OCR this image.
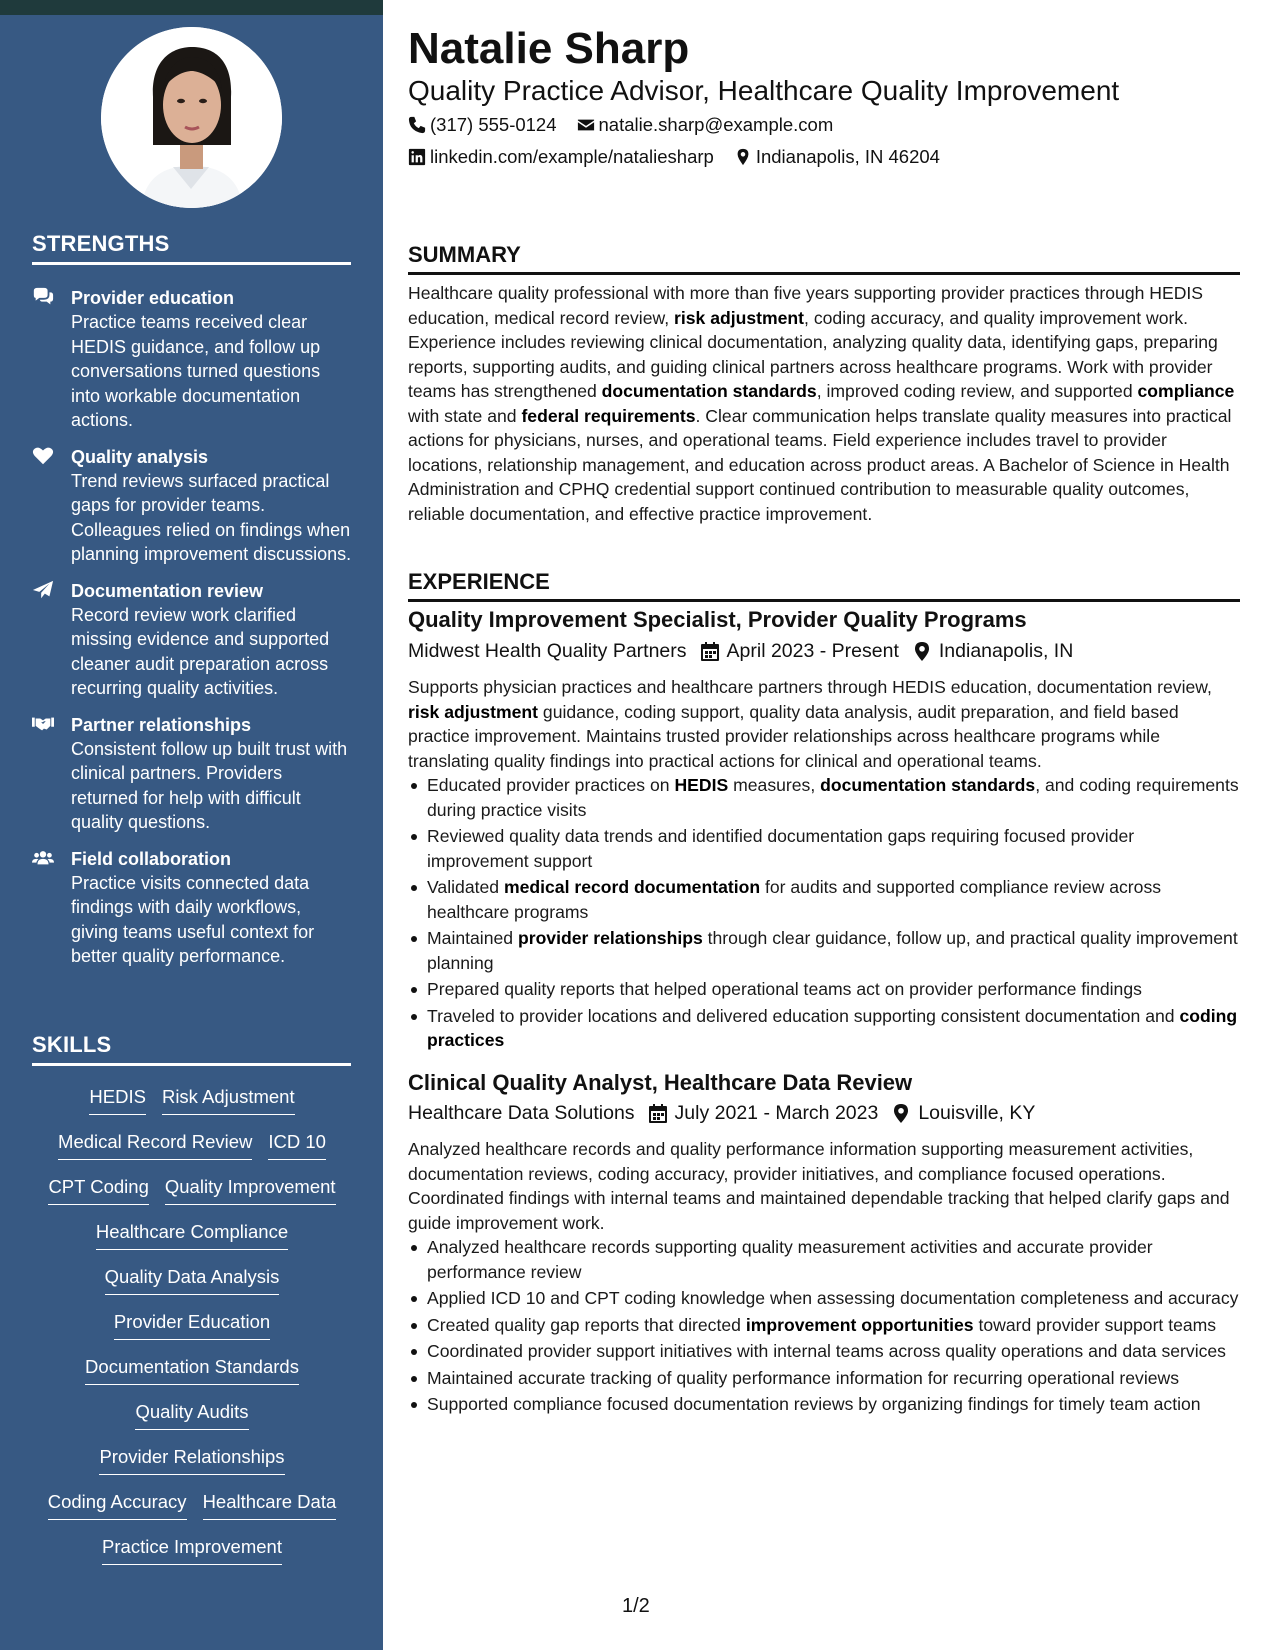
STRENGTHS
Provider education
Practice teams received clear HEDIS guidance, and follow up conversations turned questions into workable documentation actions.
Quality analysis
Trend reviews surfaced practical gaps for provider teams. Colleagues relied on findings when planning improvement discussions.
Documentation review
Record review work clarified missing evidence and supported cleaner audit preparation across recurring quality activities.
Partner relationships
Consistent follow up built trust with clinical partners. Providers returned for help with difficult quality questions.
Field collaboration
Practice visits connected data findings with daily workflows, giving teams useful context for better quality performance.
SKILLS
HEDIS Risk Adjustment
Medical Record Review ICD 10
CPT Coding Quality Improvement
Healthcare Compliance
Quality Data Analysis
Provider Education
Documentation Standards
Quality Audits
Provider Relationships
Coding Accuracy Healthcare Data
Practice Improvement
Natalie Sharp
Quality Practice Advisor, Healthcare Quality Improvement
(317) 555-0124 natalie.sharp@example.com
linkedin.com/example/nataliesharp Indianapolis, IN 46204
SUMMARY

Healthcare quality professional with more than five years supporting provider practices through HEDIS education, medical record review, risk adjustment, coding accuracy, and quality improvement work. Experience includes reviewing clinical documentation, analyzing quality data, identifying gaps, preparing reports, supporting audits, and guiding clinical partners across healthcare programs. Work with provider teams has strengthened documentation standards, improved coding review, and supported compliance with state and federal requirements. Clear communication helps translate quality measures into practical actions for physicians, nurses, and operational teams. Field experience includes travel to provider locations, relationship management, and education across product areas. A Bachelor of Science in Health Administration and CPHQ credential support continued contribution to measurable quality outcomes, reliable documentation, and effective practice improvement.

EXPERIENCE
Quality Improvement Specialist, Provider Quality Programs
Midwest Health Quality Partners April 2023 - Present Indianapolis, IN

Supports physician practices and healthcare partners through HEDIS education, documentation review, risk adjustment guidance, coding support, quality data analysis, audit preparation, and field based practice improvement. Maintains trusted provider relationships across healthcare programs while translating quality findings into practical actions for clinical and operational teams.

Educated provider practices on HEDIS measures, documentation standards, and coding requirements during practice visits
Reviewed quality data trends and identified documentation gaps requiring focused provider improvement support
Validated medical record documentation for audits and supported compliance review across healthcare programs
Maintained provider relationships through clear guidance, follow up, and practical quality improvement planning
Prepared quality reports that helped operational teams act on provider performance findings
Traveled to provider locations and delivered education supporting consistent documentation and coding practices
Clinical Quality Analyst, Healthcare Data Review
Healthcare Data Solutions July 2021 - March 2023 Louisville, KY

Analyzed healthcare records and quality performance information supporting measurement activities, documentation reviews, coding accuracy, provider initiatives, and compliance focused operations. Coordinated findings with internal teams and maintained dependable tracking that helped clarify gaps and guide improvement work.

Analyzed healthcare records supporting quality measurement activities and accurate provider performance review
Applied ICD 10 and CPT coding knowledge when assessing documentation completeness and accuracy
Created quality gap reports that directed improvement opportunities toward provider support teams
Coordinated provider support initiatives with internal teams across quality operations and data services
Maintained accurate tracking of quality performance information for recurring operational reviews
Supported compliance focused documentation reviews by organizing findings for timely team action
1/2
